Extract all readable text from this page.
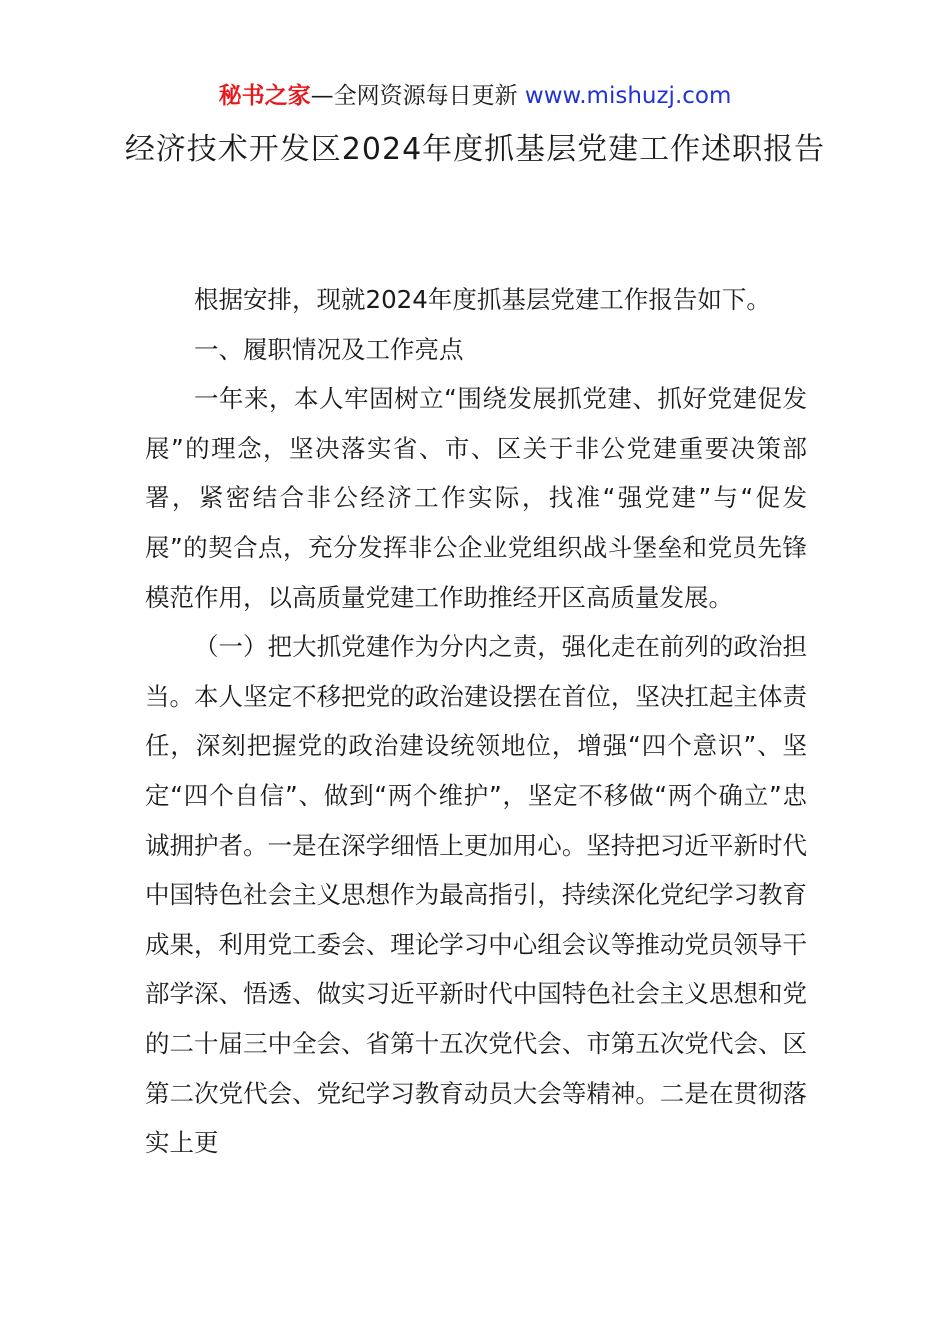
秘书之家—全网资源每日更新 www.mishuzj.com
经济技术开发区2024年度抓基层党建工作述职报告

根据安排，现就2024年度抓基层党建工作报告如下。

一、履职情况及工作亮点

一年来，本人牢固树立“围绕发展抓党建、抓好党建促发展”的理念，坚决落实省、市、区关于非公党建重要决策部署，紧密结合非公经济工作实际，找准“强党建”与“促发展”的契合点，充分发挥非公企业党组织战斗堡垒和党员先锋模范作用，以高质量党建工作助推经开区高质量发展。

（一）把大抓党建作为分内之责，强化走在前列的政治担当。本人坚定不移把党的政治建设摆在首位，坚决扛起主体责任，深刻把握党的政治建设统领地位，增强“四个意识”、坚定“四个自信”、做到“两个维护”，坚定不移做“两个确立”忠诚拥护者。一是在深学细悟上更加用心。坚持把习近平新时代中国特色社会主义思想作为最高指引，持续深化党纪学习教育成果，利用党工委会、理论学习中心组会议等推动党员领导干部学深、悟透、做实习近平新时代中国特色社会主义思想和党的二十届三中全会、省第十五次党代会、市第五次党代会、区第二次党代会、党纪学习教育动员大会等精神。二是在贯彻落实上更
